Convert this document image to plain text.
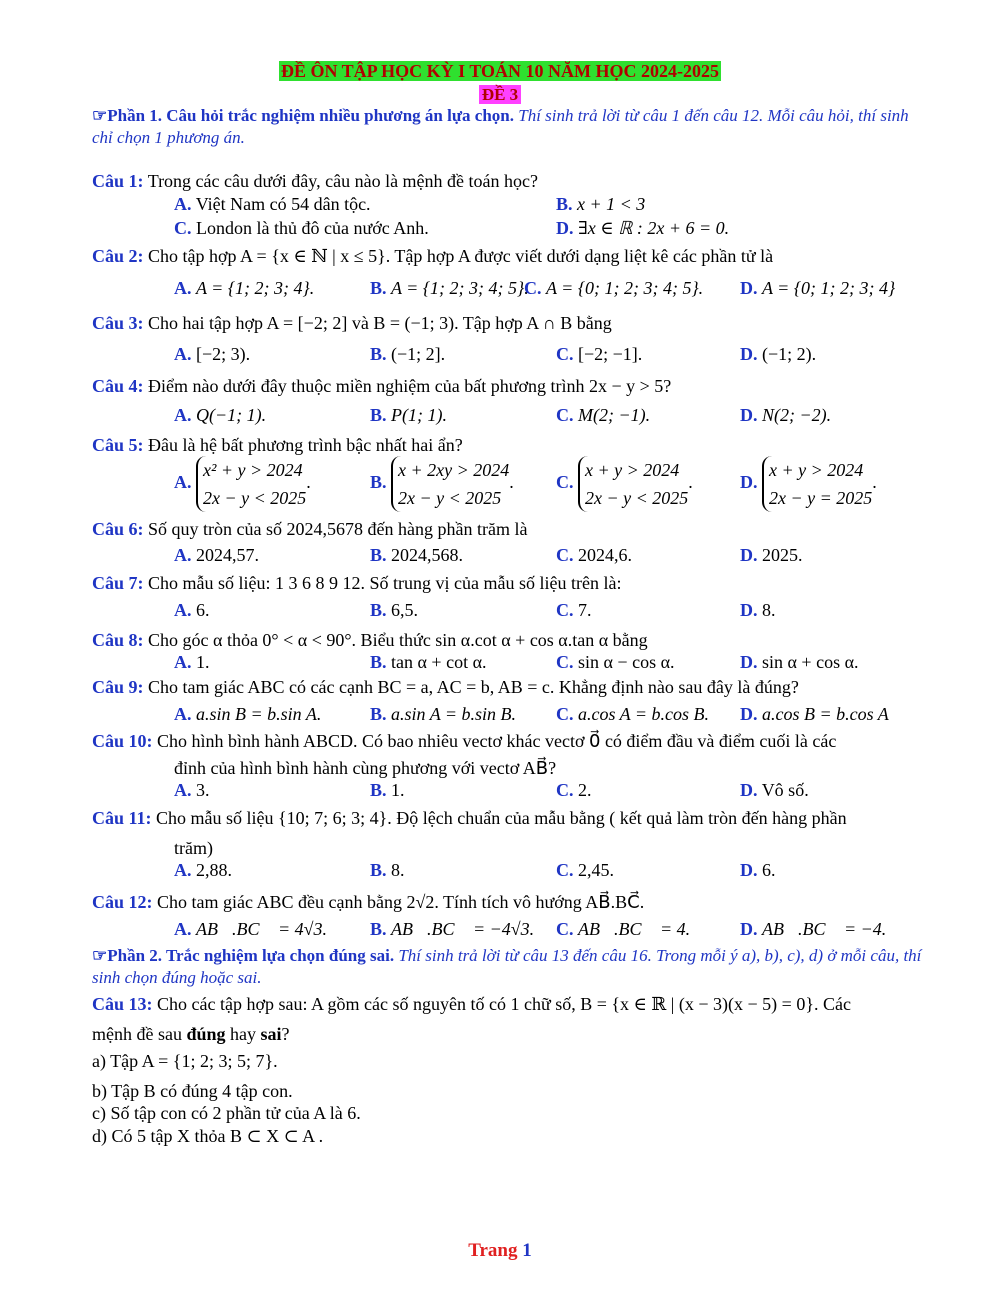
ĐỀ ÔN TẬP HỌC KỲ I TOÁN 10 NĂM HỌC 2024-2025
ĐỀ 3
☞Phần 1. Câu hỏi trắc nghiệm nhiều phương án lựa chọn. Thí sinh trả lời từ câu 1 đến câu 12. Mỗi câu hỏi, thí sinh chỉ chọn 1 phương án.
Câu 1: Trong các câu dưới đây, câu nào là mệnh đề toán học?
A. Việt Nam có 54 dân tộc.	B. x + 1 < 3
C. London là thủ đô của nước Anh.	D. ∃x ∈ ℝ : 2x + 6 = 0.
Câu 2: Cho tập hợp A = {x ∈ ℕ | x ≤ 5}. Tập hợp A được viết dưới dạng liệt kê các phần tử là
A. A = {1; 2; 3; 4}.	B. A = {1; 2; 3; 4; 5}.
C. A = {0; 1; 2; 3; 4; 5}. D. A = {0; 1; 2; 3; 4}
Câu 3: Cho hai tập hợp A = [−2; 2] và B = (−1; 3). Tập hợp A ∩ B bằng
A. [−2; 3).	B. (−1; 2].	C. [−2; −1].	D. (−1; 2).
Câu 4: Điểm nào dưới đây thuộc miền nghiệm của bất phương trình 2x − y > 5?
A. Q(−1; 1).	B. P(1; 1).	C. M(2; −1).	D. N(2; −2).
Câu 5: Đâu là hệ bất phương trình bậc nhất hai ẩn?
A. x² + y > 2024
2x − y < 2025.	B. x + 2xy > 2024
2x − y < 2025. C. x + y > 2024
2x − y < 2025.	D. x + y > 2024
2x − y = 2025.
Câu 6: Số quy tròn của số 2024,5678 đến hàng phần trăm là
A. 2024,57.	B. 2024,568.	C. 2024,6.	D. 2025.
Câu 7: Cho mẫu số liệu: 1 3 6 8 9 12. Số trung vị của mẫu số liệu trên là:
A. 6.	B. 6,5.	C. 7.	D. 8.
Câu 8: Cho góc α thỏa 0° < α < 90°. Biểu thức sin α.cot α + cos α.tan α bằng
A. 1.	B. tan α + cot α.	C. sin α − cos α.	D. sin α + cos α.
Câu 9: Cho tam giác ABC có các cạnh BC = a, AC = b, AB = c. Khẳng định nào sau đây là đúng?
A. a.sin B = b.sin A.	B. a.sin A = b.sin B. C. a.cos A = b.cos B. D. a.cos B = b.cos A
Câu 10: Cho hình bình hành ABCD. Có bao nhiêu vectơ khác vectơ 0⃗ có điểm đầu và điểm cuối là các
đỉnh của hình bình hành cùng phương với vectơ AB⃗?
A. 3.	B. 1.	C. 2.	D. Vô số.
Câu 11: Cho mẫu số liệu {10; 7; 6; 3; 4}. Độ lệch chuẩn của mẫu bằng ( kết quả làm tròn đến hàng phần
trăm)
A. 2,88.	B. 8.	C. 2,45.	D. 6.
Câu 12: Cho tam giác ABC đều cạnh bằng 2√2. Tính tích vô hướng AB⃗.BC⃗.
A. AB⃗.BC⃗ = 4√3. B. AB⃗.BC⃗ = −4√3. C. AB⃗.BC⃗ = 4.	D. AB⃗.BC⃗ = −4.
☞Phần 2. Trắc nghiệm lựa chọn đúng sai. Thí sinh trả lời từ câu 13 đến câu 16. Trong mỗi ý a), b), c), d) ở mỗi câu, thí sinh chọn đúng hoặc sai.
Câu 13: Cho các tập hợp sau: A gồm các số nguyên tố có 1 chữ số, B = {x ∈ ℝ | (x − 3)(x − 5) = 0}. Các
mệnh đề sau đúng hay sai?
a) Tập A = {1; 2; 3; 5; 7}.
b) Tập B có đúng 4 tập con.
c) Số tập con có 2 phần tử của A là 6.
d) Có 5 tập X thỏa B ⊂ X ⊂ A .
Trang 1
